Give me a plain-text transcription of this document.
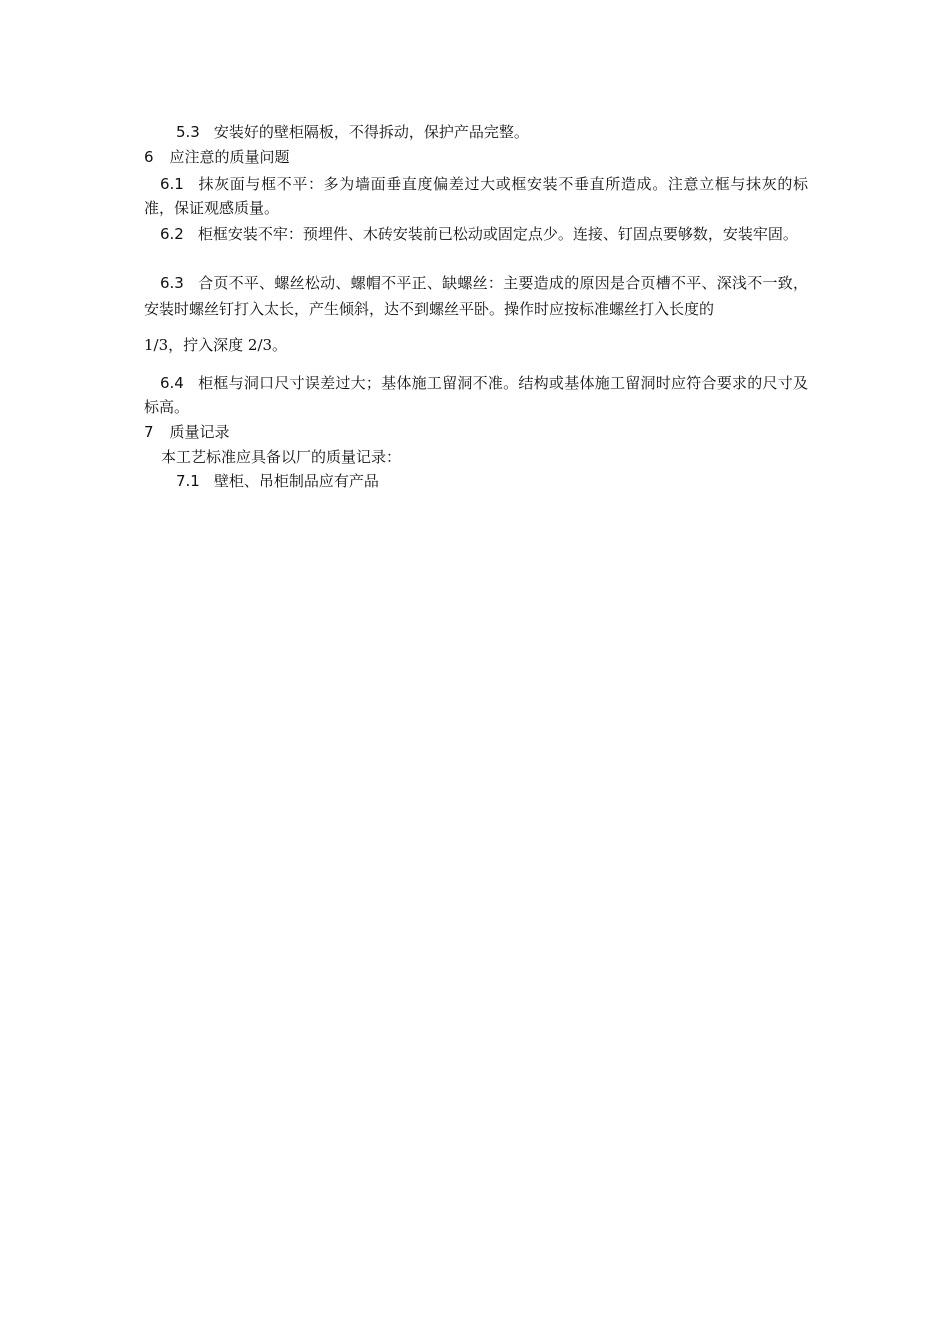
5.3 安装好的壁柜隔板，不得拆动，保护产品完整。
6 应注意的质量问题
6.1 抹灰面与框不平：多为墙面垂直度偏差过大或框安装不垂直所造成。注意立框与抹灰的标准，保证观感质量。
6.2 柜框安装不牢：预埋件、木砖安装前已松动或固定点少。连接、钉固点要够数，安装牢固。
6.3 合页不平、螺丝松动、螺帽不平正、缺螺丝：主要造成的原因是合页槽不平、深浅不一致，安装时螺丝钉打入太长，产生倾斜，达不到螺丝平卧。操作时应按标准螺丝打入长度的
1/3，拧入深度 2/3。
6.4 柜框与洞口尺寸误差过大；基体施工留洞不准。结构或基体施工留洞时应符合要求的尺寸及标高。
7 质量记录
本工艺标准应具备以厂的质量记录：
7.1 壁柜、吊柜制品应有产品
